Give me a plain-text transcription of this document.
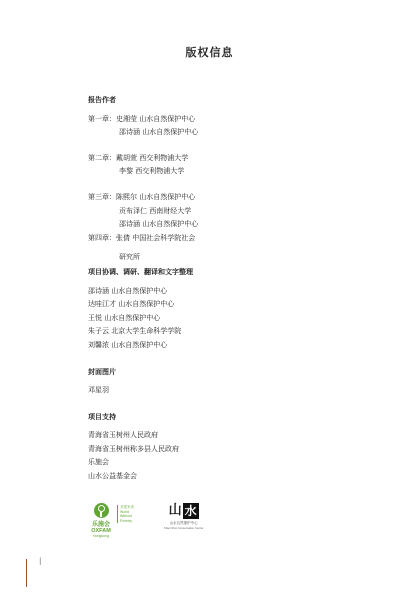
版权信息

报告作者

第一章：史湘莹 山水自然保护中心

邵诗涵 山水自然保护中心

第二章：戴胡萱 西交利物浦大学

李黎 西交利物浦大学

第三章：陈熙尔 山水自然保护中心

贡布泽仁 西南财经大学

邵诗涵 山水自然保护中心

第四章：张倩 中国社会科学院社会

研究所

项目协调、调研、翻译和文字整理

邵诗涵 山水自然保护中心

达哇江才 山水自然保护中心

王悦 山水自然保护中心

朱子云 北京大学生命科学学院

刘馨浓 山水自然保护中心

封面图片

邓星羽

项目支持

青海省玉树州人民政府

青海省玉树州称多县人民政府

乐施会

山水公益基金会

乐施会
OXFAM
Hongkong
共建未来
World
Without
Poverty
山 水
山水自然保护中心
Shan Shui Conservation Center
|
